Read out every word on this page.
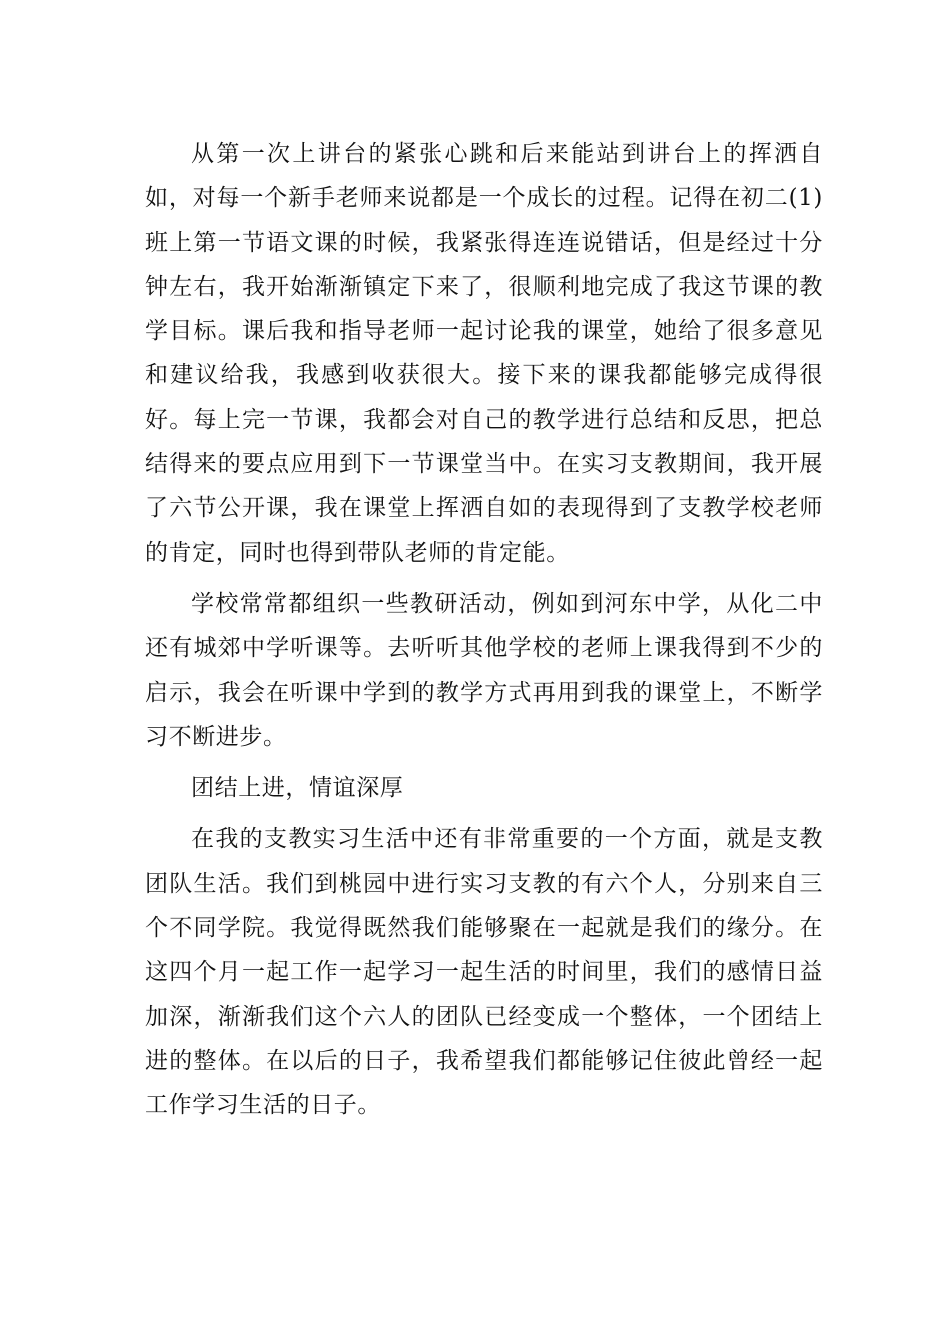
从第一次上讲台的紧张心跳和后来能站到讲台上的挥洒自如，对每一个新手老师来说都是一个成长的过程。记得在初二(1)班上第一节语文课的时候，我紧张得连连说错话，但是经过十分钟左右，我开始渐渐镇定下来了，很顺利地完成了我这节课的教学目标。课后我和指导老师一起讨论我的课堂，她给了很多意见和建议给我，我感到收获很大。接下来的课我都能够完成得很好。每上完一节课，我都会对自己的教学进行总结和反思，把总结得来的要点应用到下一节课堂当中。在实习支教期间，我开展了六节公开课，我在课堂上挥洒自如的表现得到了支教学校老师的肯定，同时也得到带队老师的肯定能。

学校常常都组织一些教研活动，例如到河东中学，从化二中还有城郊中学听课等。去听听其他学校的老师上课我得到不少的启示，我会在听课中学到的教学方式再用到我的课堂上，不断学习不断进步。

团结上进，情谊深厚

在我的支教实习生活中还有非常重要的一个方面，就是支教团队生活。我们到桃园中进行实习支教的有六个人，分别来自三个不同学院。我觉得既然我们能够聚在一起就是我们的缘分。在这四个月一起工作一起学习一起生活的时间里，我们的感情日益加深，渐渐我们这个六人的团队已经变成一个整体，一个团结上进的整体。在以后的日子，我希望我们都能够记住彼此曾经一起工作学习生活的日子。
